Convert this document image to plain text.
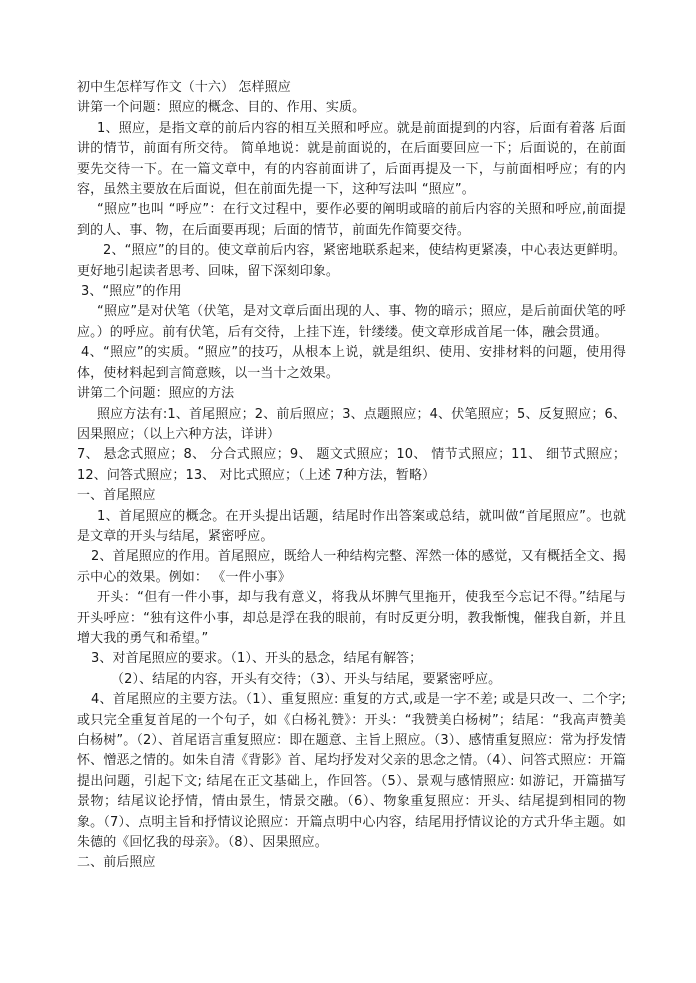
初中生怎样写作文（十六） 怎样照应

讲第一个问题：照应的概念、目的、作用、实质。

1、照应，是指文章的前后内容的相互关照和呼应。就是前面提到的内容，后面有着落 后面讲的情节，前面有所交待。 简单地说：就是前面说的，在后面要回应一下；后面说的，在前面要先交待一下。在一篇文章中，有的内容前面讲了，后面再提及一下，与前面相呼应；有的内容，虽然主要放在后面说，但在前面先提一下，这种写法叫 “照应”。

“照应”也叫 “呼应”：在行文过程中，要作必要的阐明或暗的前后内容的关照和呼应,前面提到的人、事、物，在后面要再现；后面的情节，前面先作简要交待。

2、“照应”的目的。使文章前后内容，紧密地联系起来，使结构更紧凑，中心表达更鲜明。更好地引起读者思考、回味，留下深刻印象。

3、“照应”的作用

“照应”是对伏笔（伏笔，是对文章后面出现的人、事、物的暗示；照应，是后前面伏笔的呼应。）的呼应。前有伏笔，后有交待，上挂下连，针缕缕。使文章形成首尾一体，融会贯通。

4、“照应”的实质。“照应”的技巧，从根本上说，就是组织、使用、安排材料的问题，使用得体，使材料起到言简意赅，以一当十之效果。

讲第二个问题：照应的方法

照应方法有:1、首尾照应；2、前后照应；3、点题照应；4、伏笔照应；5、反复照应；6、因果照应；（以上六种方法，详讲）

7、 悬念式照应；8、 分合式照应；9、 题文式照应；10、 情节式照应；11、 细节式照应；12、问答式照应；13、 对比式照应；（上述 7种方法，暂略）

一、首尾照应

1、首尾照应的概念。在开头提出话题，结尾时作出答案或总结，就叫做“首尾照应”。也就是文章的开头与结尾，紧密呼应。

2、首尾照应的作用。首尾照应，既给人一种结构完整、浑然一体的感觉，又有概括全文、揭示中心的效果。例如： 《一件小事》

开头：“但有一件小事，却与我有意义，将我从坏脾气里拖开，使我至今忘记不得。”结尾与开头呼应：“独有这件小事，却总是浮在我的眼前，有时反更分明，教我惭愧，催我自新，并且增大我的勇气和希望。”

3、对首尾照应的要求。（1）、开头的悬念，结尾有解答；

（2）、结尾的内容，开头有交待；（3）、开头与结尾，要紧密呼应。

4、首尾照应的主要方法。（1）、重复照应: 重复的方式,或是一字不差; 或是只改一、二个字;或只完全重复首尾的一个句子，如《白杨礼赞》：开头：“我赞美白杨树”；结尾：“我高声赞美白杨树”。（2）、首尾语言重复照应：即在题意、主旨上照应。（3）、感情重复照应：常为抒发情怀、憎恶之情的。如朱自清《背影》首、尾均抒发对父亲的思念之情。（4）、问答式照应：开篇提出问题，引起下文; 结尾在正文基础上，作回答。（5）、景观与感情照应: 如游记，开篇描写景物；结尾议论抒情，情由景生，情景交融。（6）、物象重复照应：开头、结尾提到相同的物象。（7）、点明主旨和抒情议论照应：开篇点明中心内容，结尾用抒情议论的方式升华主题。如朱德的《回忆我的母亲》。（8）、因果照应。

二、前后照应
